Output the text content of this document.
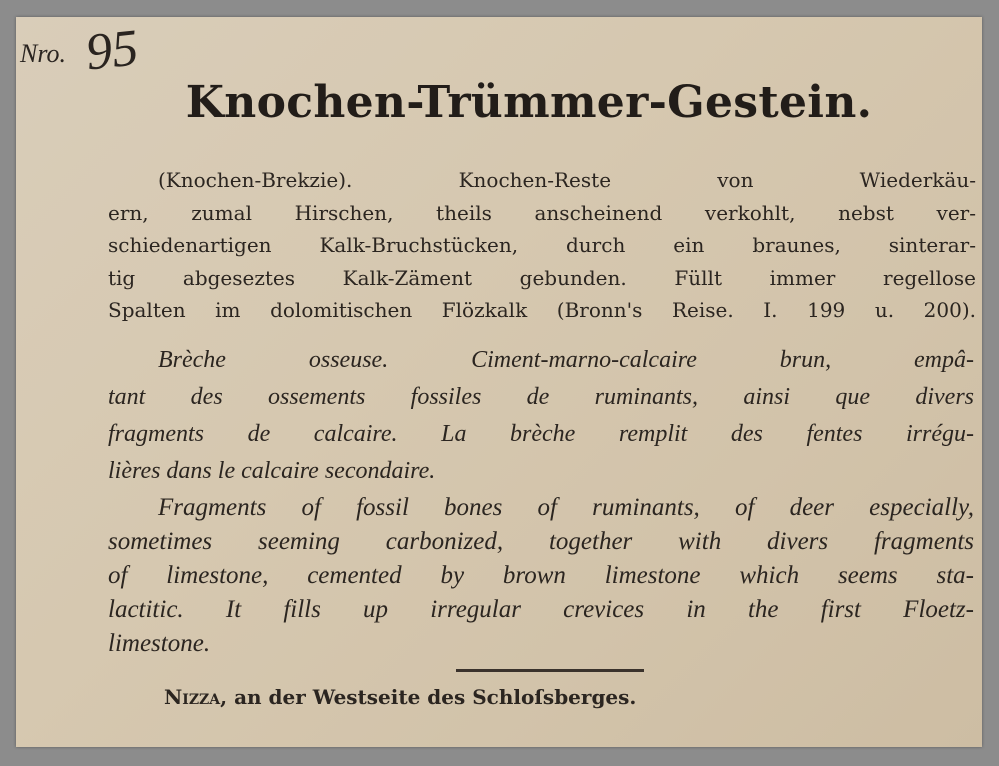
Nro. 95
Knochen-Trümmer-Gestein.
(Knochen-Brekzie). Knochen-Reste von Wiederkäu-
ern, zumal Hirschen, theils anscheinend verkohlt, nebst ver-
schiedenartigen Kalk-Bruchstücken, durch ein braunes, sinterar-
tig abgeseztes Kalk-Zäment gebunden. Füllt immer regellose
Spalten im dolomitischen Flözkalk (Bronn's Reise. I. 199 u. 200).
Brèche osseuse. Ciment-marno-calcaire brun, empâ-
tant des ossements fossiles de ruminants, ainsi que divers
fragments de calcaire. La brèche remplit des fentes irrégu-
lières dans le calcaire secondaire.
Fragments of fossil bones of ruminants, of deer especially,
sometimes seeming carbonized, together with divers fragments
of limestone, cemented by brown limestone which seems sta-
lactitic. It fills up irregular crevices in the first Floetz-
limestone.
Nizza, an der Westseite des Schloſsberges.
